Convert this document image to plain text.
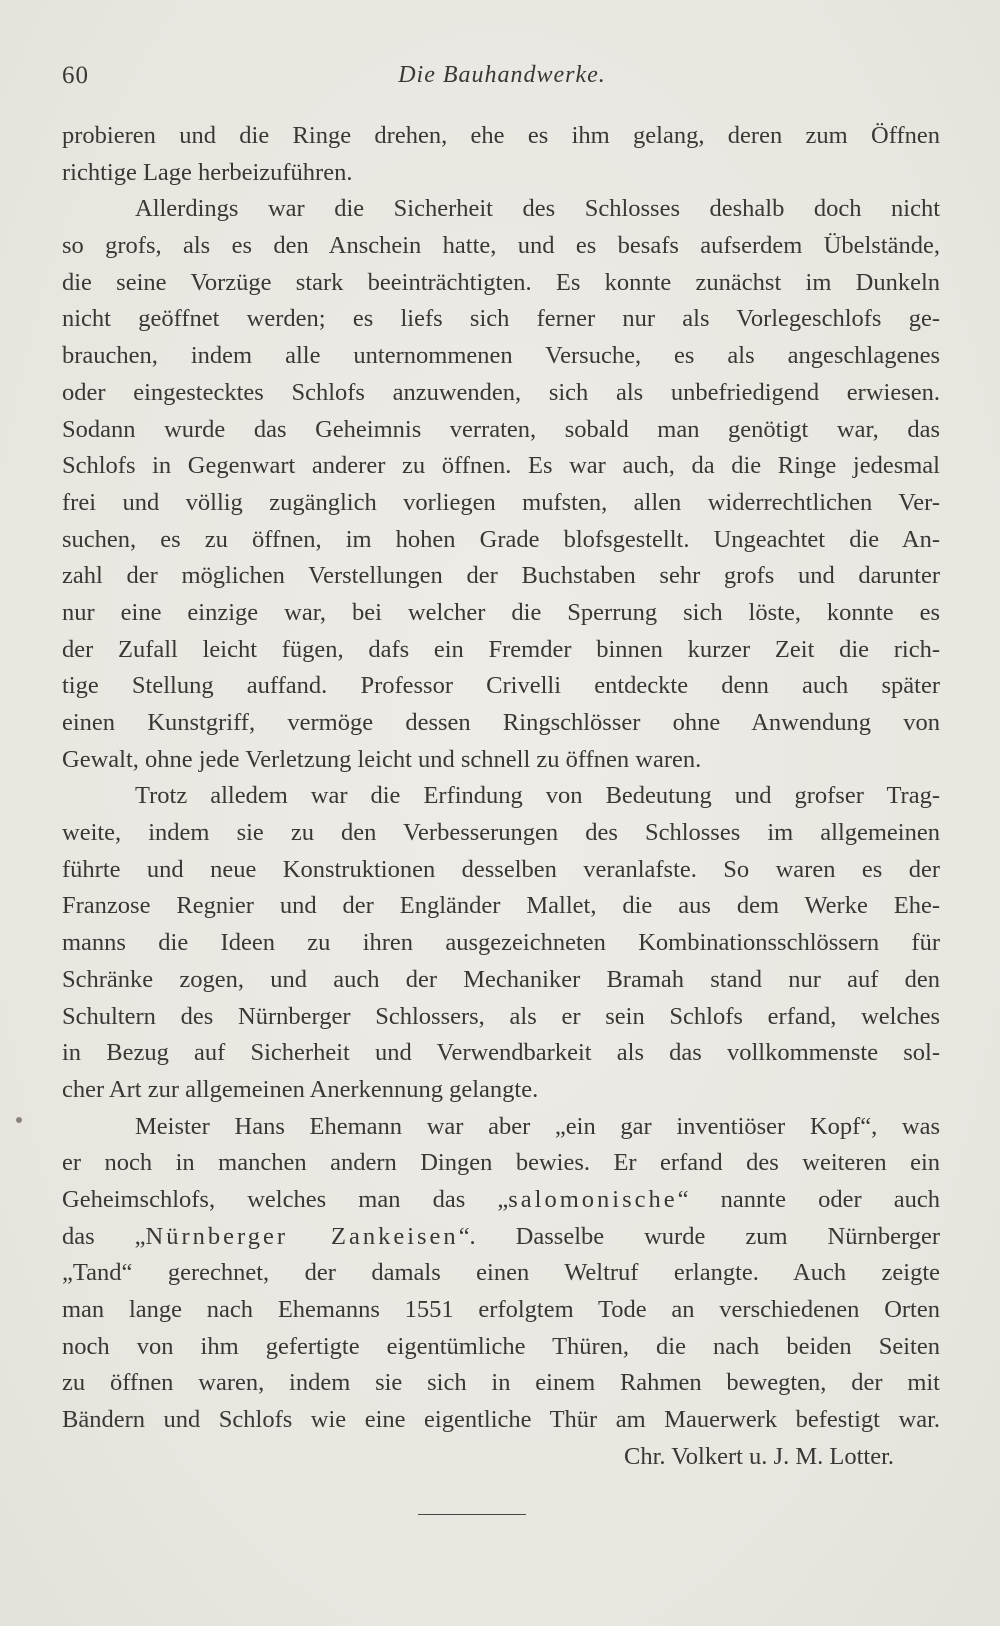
60	Die Bauhandwerke.
probieren und die Ringe drehen, ehe es ihm gelang, deren zum Öffnen
richtige Lage herbeizuführen.
Allerdings war die Sicherheit des Schlosses deshalb doch nicht
so grofs, als es den Anschein hatte, und es besafs aufserdem Übelstände,
die seine Vorzüge stark beeinträchtigten. Es konnte zunächst im Dunkeln
nicht geöffnet werden; es liefs sich ferner nur als Vorlegeschlofs ge-
brauchen, indem alle unternommenen Versuche, es als angeschlagenes
oder eingestecktes Schlofs anzuwenden, sich als unbefriedigend erwiesen.
Sodann wurde das Geheimnis verraten, sobald man genötigt war, das
Schlofs in Gegenwart anderer zu öffnen. Es war auch, da die Ringe jedesmal
frei und völlig zugänglich vorliegen mufsten, allen widerrechtlichen Ver-
suchen, es zu öffnen, im hohen Grade blofsgestellt. Ungeachtet die An-
zahl der möglichen Verstellungen der Buchstaben sehr grofs und darunter
nur eine einzige war, bei welcher die Sperrung sich löste, konnte es
der Zufall leicht fügen, dafs ein Fremder binnen kurzer Zeit die rich-
tige Stellung auffand. Professor Crivelli entdeckte denn auch später
einen Kunstgriff, vermöge dessen Ringschlösser ohne Anwendung von
Gewalt, ohne jede Verletzung leicht und schnell zu öffnen waren.
Trotz alledem war die Erfindung von Bedeutung und grofser Trag-
weite, indem sie zu den Verbesserungen des Schlosses im allgemeinen
führte und neue Konstruktionen desselben veranlafste. So waren es der
Franzose Regnier und der Engländer Mallet, die aus dem Werke Ehe-
manns die Ideen zu ihren ausgezeichneten Kombinationsschlössern für
Schränke zogen, und auch der Mechaniker Bramah stand nur auf den
Schultern des Nürnberger Schlossers, als er sein Schlofs erfand, welches
in Bezug auf Sicherheit und Verwendbarkeit als das vollkommenste sol-
cher Art zur allgemeinen Anerkennung gelangte.
Meister Hans Ehemann war aber „ein gar inventiöser Kopf“, was
er noch in manchen andern Dingen bewies. Er erfand des weiteren ein
Geheimschlofs, welches man das „salomonische“ nannte oder auch
das „Nürnberger Zankeisen“. Dasselbe wurde zum Nürnberger
„Tand“ gerechnet, der damals einen Weltruf erlangte. Auch zeigte
man lange nach Ehemanns 1551 erfolgtem Tode an verschiedenen Orten
noch von ihm gefertigte eigentümliche Thüren, die nach beiden Seiten
zu öffnen waren, indem sie sich in einem Rahmen bewegten, der mit
Bändern und Schlofs wie eine eigentliche Thür am Mauerwerk befestigt war.
Chr. Volkert u. J. M. Lotter.
